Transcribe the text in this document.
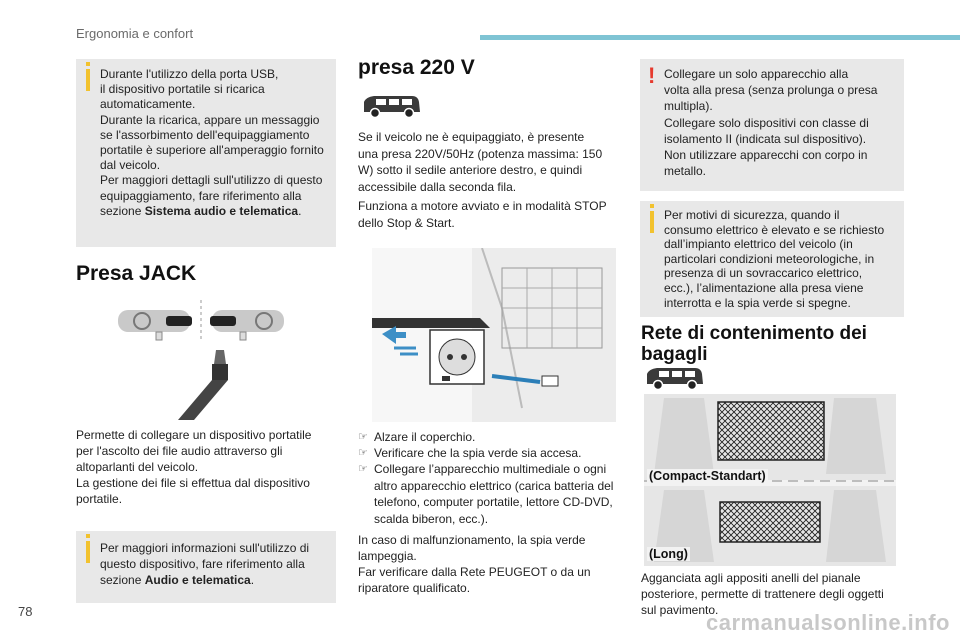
Ergonomia e confort

Durante l'utilizzo della porta USB,
il dispositivo portatile si ricarica
automaticamente.
Durante la ricarica, appare un messaggio
se l'assorbimento dell'equipaggiamento
portatile è superiore all'amperaggio fornito
dal veicolo.
Per maggiori dettagli sull'utilizzo di questo
equipaggiamento, fare riferimento alla
sezione Sistema audio e telematica.

Presa JACK
Permette di collegare un dispositivo portatile
per l'ascolto dei file audio attraverso gli
altoparlanti del veicolo.
La gestione dei file si effettua dal dispositivo
portatile.

Per maggiori informazioni sull'utilizzo di
questo dispositivo, fare riferimento alla
sezione Audio e telematica.

presa 220 V
Se il veicolo ne è equipaggiato, è presente
una presa 220V/50Hz (potenza massima: 150
W) sotto il sedile anteriore destro, e quindi
accessibile dalla seconda fila.
Funziona a motore avviato e in modalità STOP
dello Stop & Start.
☞ Alzare il coperchio.
☞ Verificare che la spia verde sia accesa.
☞ Collegare l’apparecchio multimediale o ogni altro apparecchio elettrico (carica batteria del telefono, computer portatile, lettore CD-DVD, scalda biberon, ecc.).
In caso di malfunzionamento, la spia verde
lampeggia.
Far verificare dalla Rete PEUGEOT o da un
riparatore qualificato.
! Collegare un solo apparecchio alla
volta alla presa (senza prolunga o presa
multipla).
Collegare solo dispositivi con classe di
isolamento II (indicata sul dispositivo).
Non utilizzare apparecchi con corpo in
metallo.

Per motivi di sicurezza, quando il
consumo elettrico è elevato e se richiesto
dall’impianto elettrico del veicolo (in
particolari condizioni meteorologiche, in
presenza di un sovraccarico elettrico,
ecc.), l’alimentazione alla presa viene
interrotta e la spia verde si spegne.

Rete di contenimento dei
bagagli
(Compact-Standart)
(Long)
Agganciata agli appositi anelli del pianale
posteriore, permette di trattenere degli oggetti
sul pavimento.
78	carmanualsonline.info
